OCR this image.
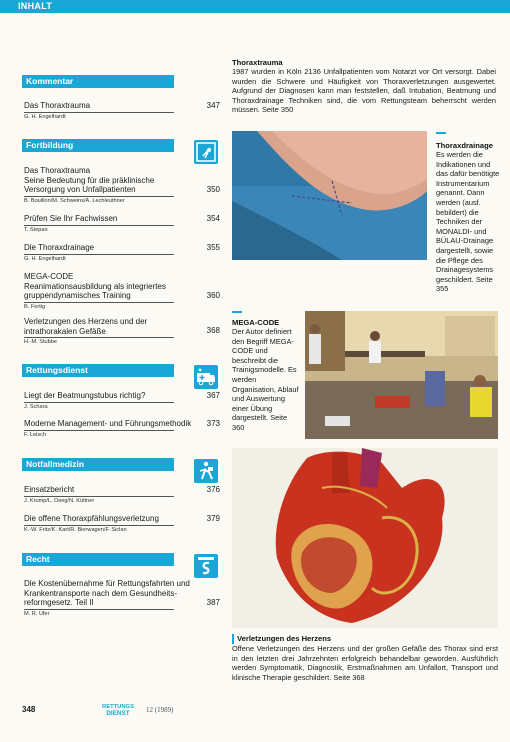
INHALT
Kommentar
Das Thoraxtrauma	347
G. H. Engelhardt
Fortbildung
Das Thoraxtrauma
Seine Bedeutung für die präklinische
Versorgung von Unfallpatienten	350
B. Bouillon/M. Schweins/A. Lechleuthner
Prüfen Sie Ihr Fachwissen	354
T. Stepan
Die Thoraxdrainage	355
G. H. Engelhardt
MEGA-CODE
Reanimationsausbildung als integriertes
gruppendynamisches Training	360
B. Fertig
Verletzungen des Herzens und der
intrathorakalen Gefäße	368
H.-M. Stubbe
Rettungsdienst
Liegt der Beatmungstubus richtig?	367
J. Schara
Moderne Management- und Führungsmethodik	373
F. Leisch
Notfallmedizin
Einsatzbericht	376
J. Krump/L. Deeg/N. Küttner
Die offene Thoraxpfählungsverletzung	379
K.-W. Fritz/K. Kart/R. Bierwagen/F. Siclan
Recht
Die Kostenübernahme für Rettungsfahrten und
Krankentransporte nach dem Gesundheits-
reformgesetz. Teil II	387
M. R. Ufer
Thoraxtrauma
1987 wurden in Köln 2136 Unfallpatienten vom Notarzt vor Ort versorgt. Dabei wurden die Schwere und Häufigkeit von Thoraxverletzungen ausgewertet. Aufgrund der Diagnosen kann man feststellen, daß Intubation, Beatmung und Thoraxdrainage Techniken sind, die vom Rettungsteam beherrscht werden müssen. Seite 350
Thoraxdrainage
Es werden die Indikationen und das dafür benötigte Instrumentarium genannt. Dann werden (ausf. bebildert) die Techniken der MONALDI- und BÜLAU-Drainage dargestellt, sowie die Pflege des Drainagesystems geschildert. Seite 355
MEGA-CODE
Der Autor definiert den Begriff MEGA-CODE und beschreibt die Trainigsmodelle. Es werden Organisation, Ablauf und Auswertung einer Übung dargestellt. Seite 360
Verletzungen des Herzens
Offene Verletzungen des Herzens und der großen Gefäße des Thorax sind erst in den letzten drei Jahrzehnten erfolgreich behandelbar geworden. Ausführlich werden Symptomatik, Diagnostik, Erstmaßnahmen am Unfallort, Transport und klinische Therapie geschildert. Seite 368
348	RETTUNGS
DIENST 12 (1989)
